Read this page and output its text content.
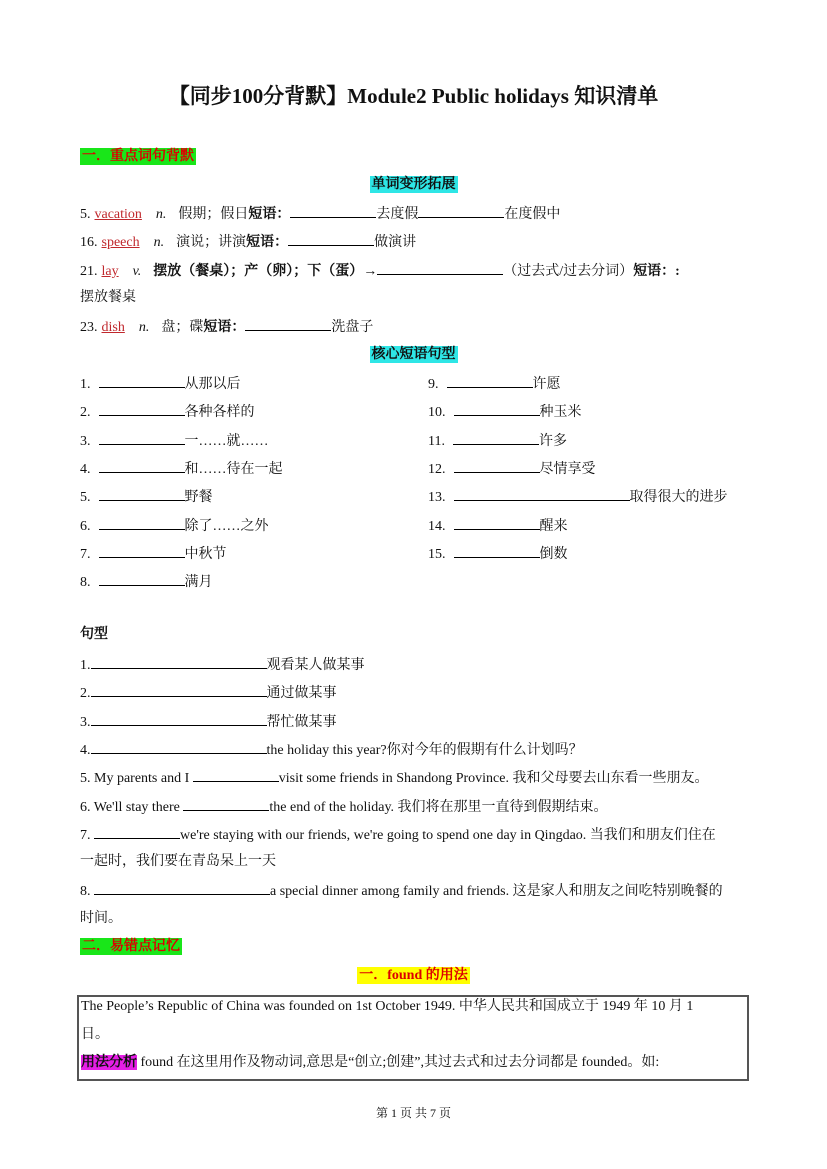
【同步100分背默】Module2 Public holidays 知识清单
一．重点词句背默
单词变形拓展
5. vacation n. 假期；假日短语：	去度假	在度假中
16. speech n. 演说；讲演短语：	做演讲
21. lay v. 摆放（餐桌）；产（卵）；下（蛋）→	（过去式/过去分词）短语：:
23. dish n. 盘；碟短语：	洗盘子
摆放餐桌
核心短语句型
1.	从那以后
2.	各种各样的
3.	一……就……
4.	和……待在一起
5.	野餐
6.	除了……之外
7.	中秋节
8.	满月
9.	许愿
10.	种玉米
11.	许多
12.	尽情享受
13.	取得很大的进步
14.	醒来
15.	倒数
句型
1.	观看某人做某事
2.	通过做某事
3.	帮忙做某事
4.	the holiday this year?你对今年的假期有什么计划吗？
5. My parents and I	visit some friends in Shandong Province. 我和父母要去山东看一些朋友。
6. We'll stay there	the end of the holiday. 我们将在那里一直待到假期结束。
7.	we're staying with our friends, we're going to spend one day in Qingdao. 当我们和朋友们住在
一起时，我们要在青岛呆上一天
8.	a special dinner among family and friends. 这是家人和朋友之间吃特别晚餐的
时间。
二．易错点记忆
一．found 的用法
The People’s Republic of China was founded on 1st October 1949. 中华人民共和国成立于 1949 年 10 月 1
日。
用法分析 found 在这里用作及物动词,意思是“创立;创建”,其过去式和过去分词都是 founded。如:
第 1 页 共 7 页
